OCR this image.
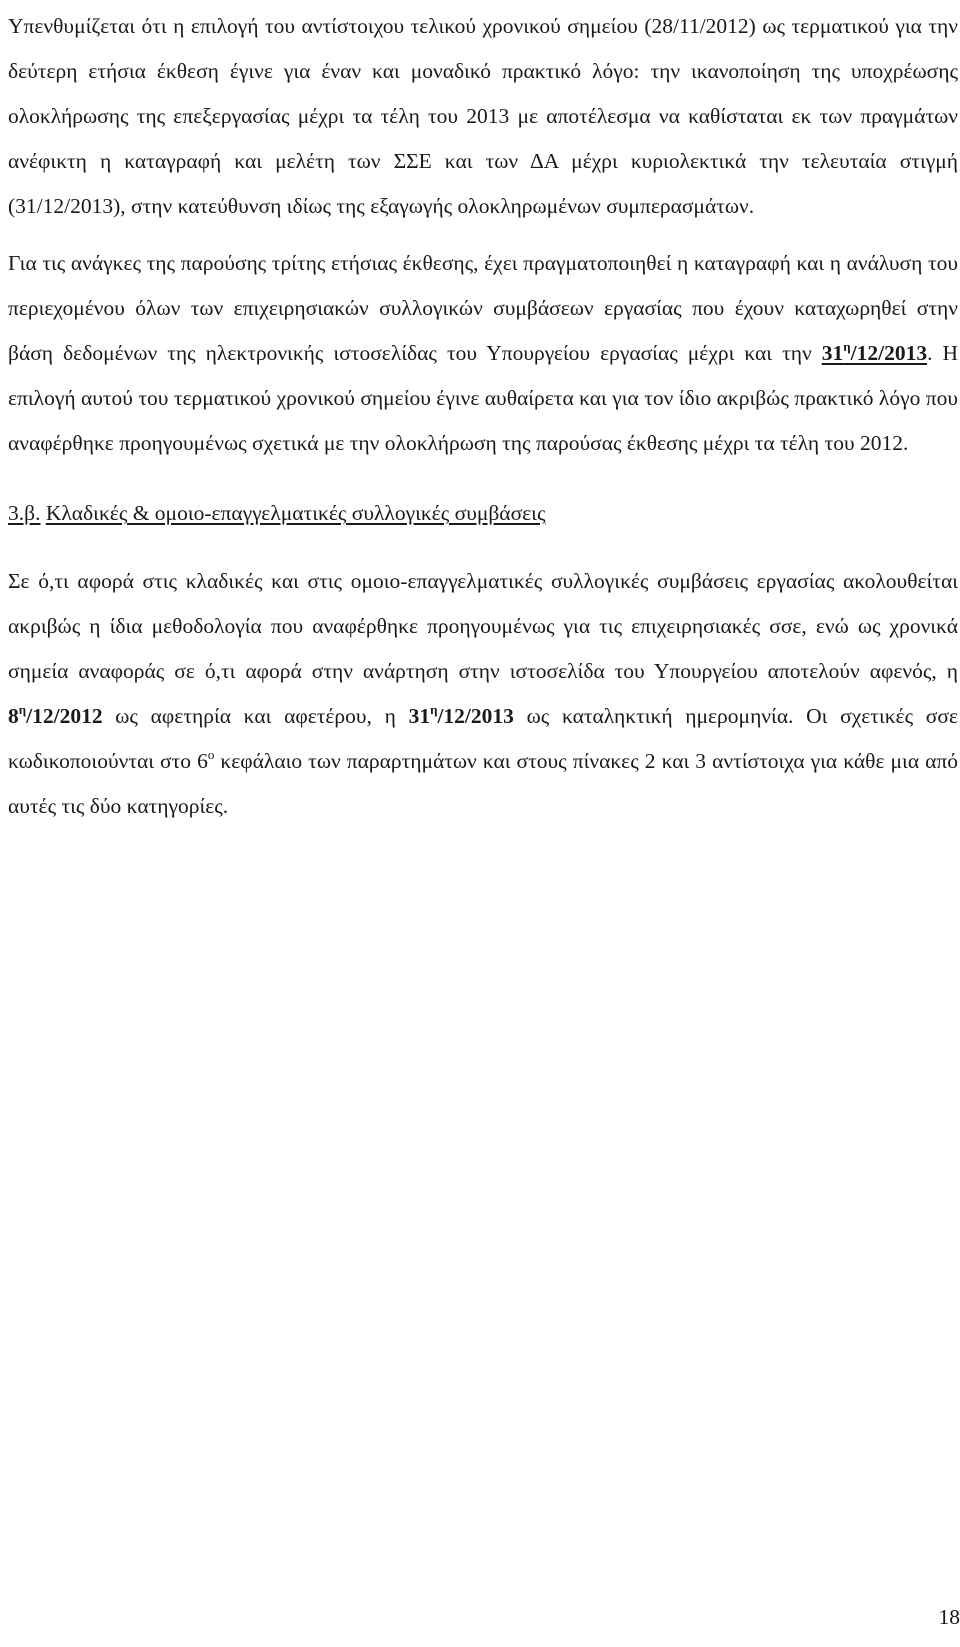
Υπενθυμίζεται ότι η επιλογή του αντίστοιχου τελικού χρονικού σημείου (28/11/2012) ως τερματικού για την δεύτερη ετήσια έκθεση έγινε για έναν και μοναδικό πρακτικό λόγο: την ικανοποίηση της υποχρέωσης ολοκλήρωσης της επεξεργασίας μέχρι τα τέλη του 2013 με αποτέλεσμα να καθίσταται εκ των πραγμάτων ανέφικτη η καταγραφή και μελέτη των ΣΣΕ και των ΔΑ μέχρι κυριολεκτικά την τελευταία στιγμή (31/12/2013), στην κατεύθυνση ιδίως της εξαγωγής ολοκληρωμένων συμπερασμάτων.

Για τις ανάγκες της παρούσης τρίτης ετήσιας έκθεσης, έχει πραγματοποιηθεί η καταγραφή και η ανάλυση του περιεχομένου όλων των επιχειρησιακών συλλογικών συμβάσεων εργασίας που έχουν καταχωρηθεί στην βάση δεδομένων της ηλεκτρονικής ιστοσελίδας του Υπουργείου εργασίας μέχρι και την $31^\eta/12/2013$. Η επιλογή αυτού του τερματικού χρονικού σημείου έγινε αυθαίρετα και για τον ίδιο ακριβώς πρακτικό λόγο που αναφέρθηκε προηγουμένως σχετικά με την ολοκλήρωση της παρούσας έκθεσης μέχρι τα τέλη του 2012.

3.β. Κλαδικές & ομοιο-επαγγελματικές συλλογικές συμβάσεις

Σε ό,τι αφορά στις κλαδικές και στις ομοιο-επαγγελματικές συλλογικές συμβάσεις εργασίας ακολουθείται ακριβώς η ίδια μεθοδολογία που αναφέρθηκε προηγουμένως για τις επιχειρησιακές σσε, ενώ ως χρονικά σημεία αναφοράς σε ό,τι αφορά στην ανάρτηση στην ιστοσελίδα του Υπουργείου αποτελούν αφενός, η $8^\eta/12/2012$ ως αφετηρία και αφετέρου, η $31^\eta/12/2013$ ως καταληκτική ημερομηνία. Οι σχετικές σσε κωδικοποιούνται στο $6^o$ κεφάλαιο των παραρτημάτων και στους πίνακες 2 και 3 αντίστοιχα για κάθε μια από αυτές τις δύο κατηγορίες.

18
